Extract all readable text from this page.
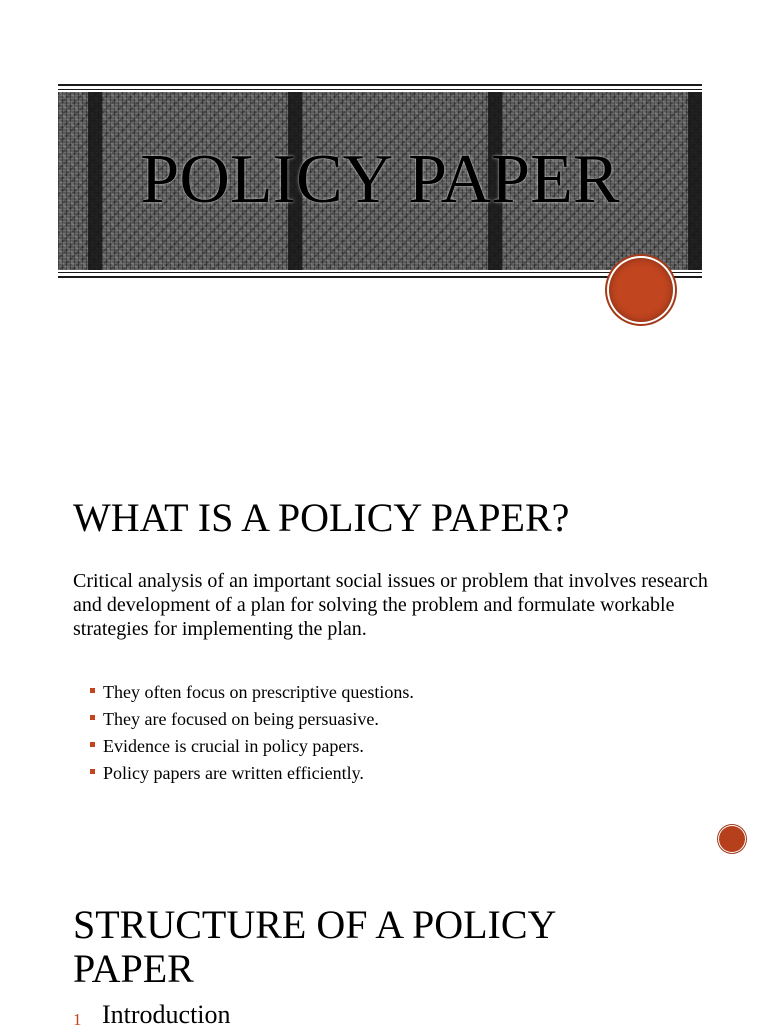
POLICY PAPER
WHAT IS A POLICY PAPER?

Critical analysis of an important social issues or problem that involves research and development of a plan for solving the problem and formulate workable strategies for implementing the plan.

They often focus on prescriptive questions.
They are focused on being persuasive.
Evidence is crucial in policy papers.
Policy papers are written efficiently.
STRUCTURE OF A POLICY PAPER
1 Introduction
